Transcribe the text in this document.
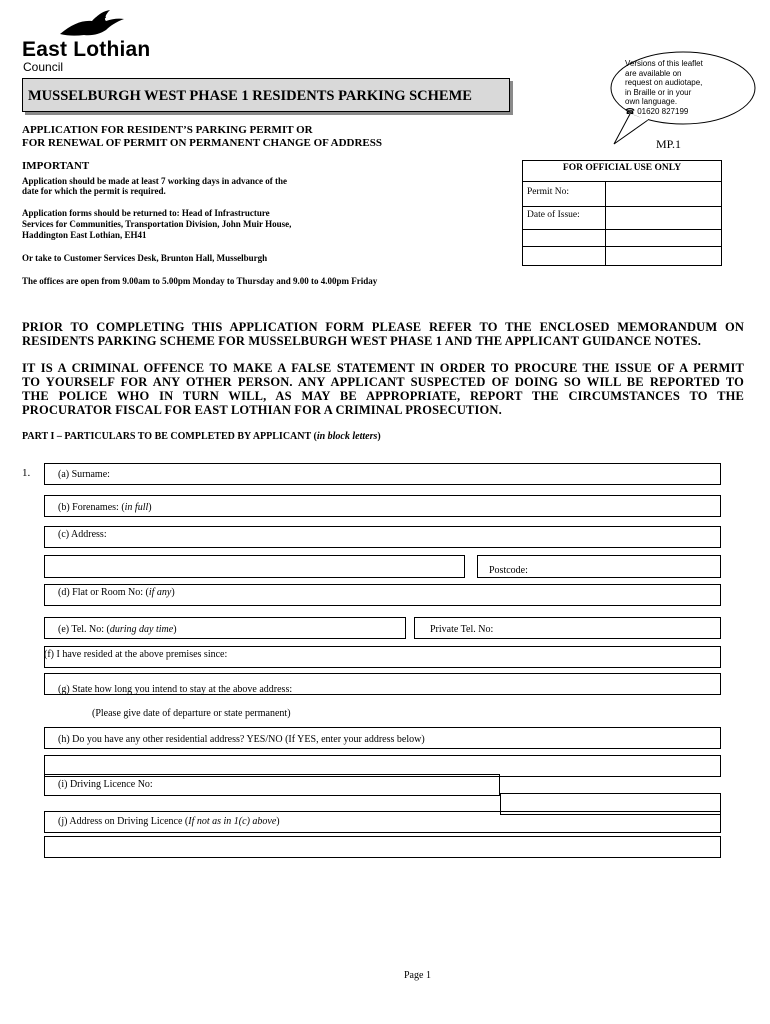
East Lothian
Council
MUSSELBURGH WEST PHASE 1 RESIDENTS PARKING SCHEME
Versions of this leaflet
are available on
request on audiotape,
in Braille or in your
own language.
☎ 01620 827199
APPLICATION FOR RESIDENT’S PARKING PERMIT OR
FOR RENEWAL OF PERMIT ON PERMANENT CHANGE OF ADDRESS	MP.1
IMPORTANT
Application should be made at least 7 working days in advance of the
date for which the permit is required.
Application forms should be returned to: Head of Infrastructure
Services for Communities, Transportation Division, John Muir House,
Haddington East Lothian, EH41
Or take to Customer Services Desk, Brunton Hall, Musselburgh
The offices are open from 9.00am to 5.00pm Monday to Thursday and 9.00 to 4.00pm Friday
FOR OFFICIAL USE ONLY
Permit No:
Date of Issue:
PRIOR TO COMPLETING THIS APPLICATION FORM PLEASE REFER TO THE ENCLOSED MEMORANDUM ON
RESIDENTS PARKING SCHEME FOR MUSSELBURGH WEST PHASE 1 AND THE APPLICANT GUIDANCE NOTES.
IT IS A CRIMINAL OFFENCE TO MAKE A FALSE STATEMENT IN ORDER TO PROCURE THE ISSUE OF A PERMIT
TO YOURSELF FOR ANY OTHER PERSON. ANY APPLICANT SUSPECTED OF DOING SO WILL BE REPORTED TO
THE POLICE WHO IN TURN WILL, AS MAY BE APPROPRIATE, REPORT THE CIRCUMSTANCES TO THE
PROCURATOR FISCAL FOR EAST LOTHIAN FOR A CRIMINAL PROSECUTION.
PART I – PARTICULARS TO BE COMPLETED BY APPLICANT (in block letters)
1.	(a) Surname:
(b) Forenames: (in full)
(c) Address:
Postcode:
(d) Flat or Room No: (if any)
(e) Tel. No: (during day time)	Private Tel. No:
(f) I have resided at the above premises since:
(g) State how long you intend to stay at the above address:
(Please give date of departure or state permanent)
(h) Do you have any other residential address? YES/NO (If YES, enter your address below)
(i) Driving Licence No:
(j) Address on Driving Licence (If not as in 1(c) above)
Page 1
